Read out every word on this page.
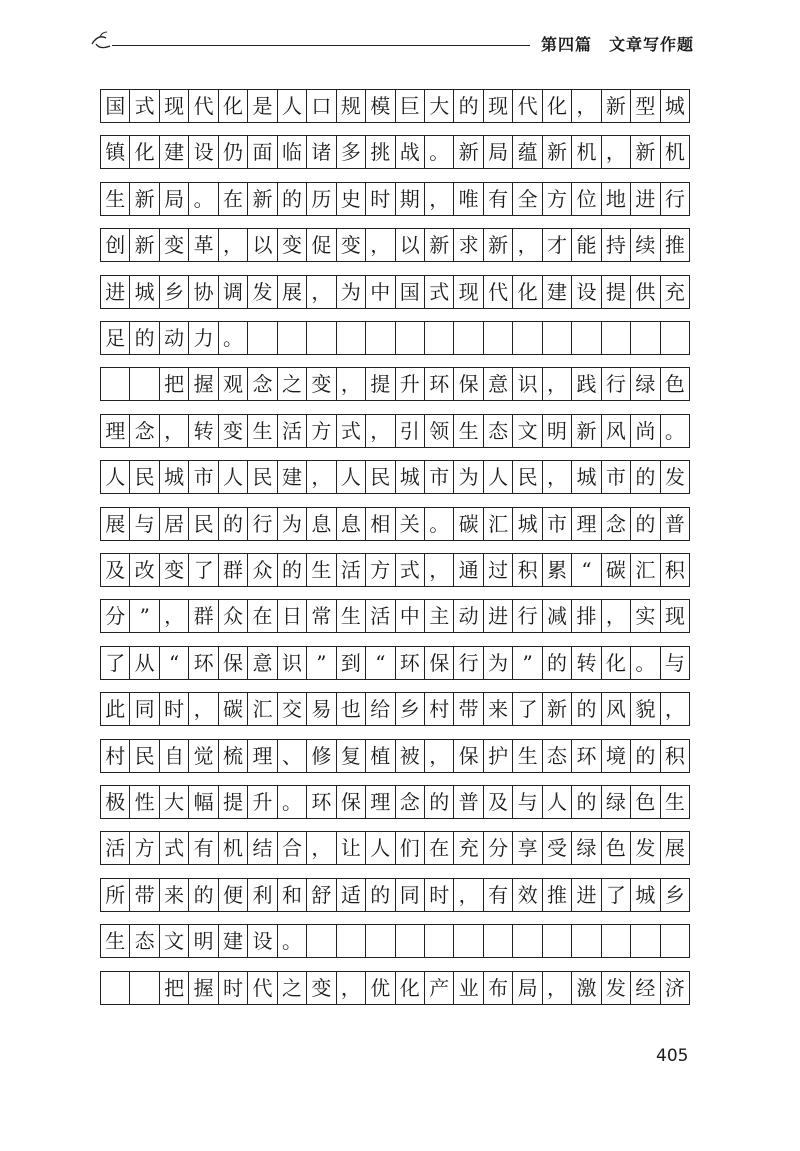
第四篇　文章写作题
国 式 现 代 化 是 人 口 规 模 巨 大 的 现 代 化 ， 新 型 城
镇 化 建 设 仍 面 临 诸 多 挑 战 。 新 局 蕴 新 机 ， 新 机
生 新 局 。 在 新 的 历 史 时 期 ， 唯 有 全 方 位 地 进 行
创 新 变 革 ， 以 变 促 变 ， 以 新 求 新 ， 才 能 持 续 推
进 城 乡 协 调 发 展 ， 为 中 国 式 现 代 化 建 设 提 供 充
足 的 动 力 。
把 握 观 念 之 变 ， 提 升 环 保 意 识 ， 践 行 绿 色
理 念 ， 转 变 生 活 方 式 ， 引 领 生 态 文 明 新 风 尚 。
人 民 城 市 人 民 建 ， 人 民 城 市 为 人 民 ， 城 市 的 发
展 与 居 民 的 行 为 息 息 相 关 。 碳 汇 城 市 理 念 的 普
及 改 变 了 群 众 的 生 活 方 式 ， 通 过 积 累 “ 碳 汇 积
分 ” ， 群 众 在 日 常 生 活 中 主 动 进 行 减 排 ， 实 现
了 从 “ 环 保 意 识 ” 到 “ 环 保 行 为 ” 的 转 化 。 与
此 同 时 ， 碳 汇 交 易 也 给 乡 村 带 来 了 新 的 风 貌 ，
村 民 自 觉 梳 理 、 修 复 植 被 ， 保 护 生 态 环 境 的 积
极 性 大 幅 提 升 。 环 保 理 念 的 普 及 与 人 的 绿 色 生
活 方 式 有 机 结 合 ， 让 人 们 在 充 分 享 受 绿 色 发 展
所 带 来 的 便 利 和 舒 适 的 同 时 ， 有 效 推 进 了 城 乡
生 态 文 明 建 设 。
把 握 时 代 之 变 ， 优 化 产 业 布 局 ， 激 发 经 济
405
